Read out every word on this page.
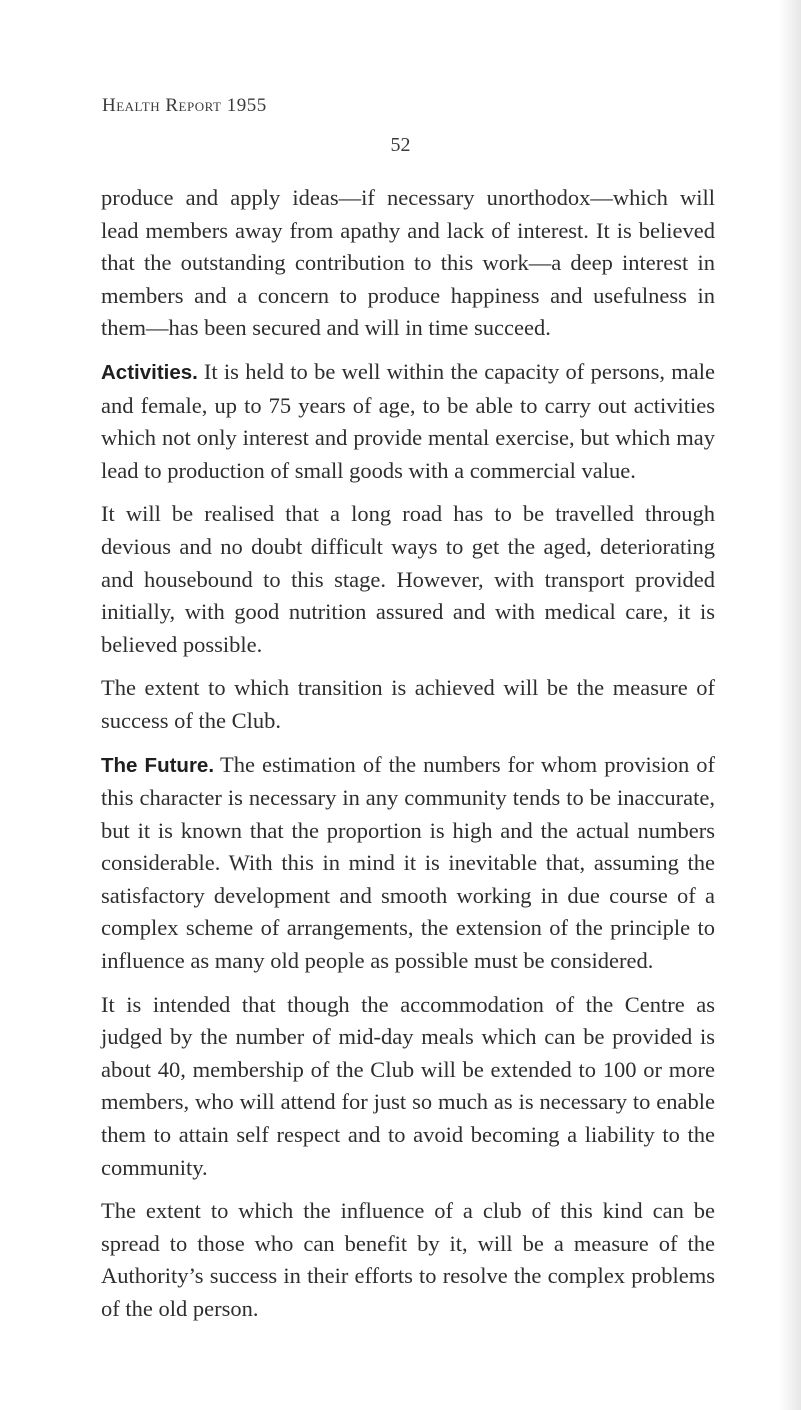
Health Report 1955

52

produce and apply ideas—if necessary unorthodox—which will lead members away from apathy and lack of interest. It is believed that the outstanding contribution to this work—a deep interest in members and a concern to produce happiness and usefulness in them—has been secured and will in time succeed.

Activities. It is held to be well within the capacity of persons, male and female, up to 75 years of age, to be able to carry out activities which not only interest and provide mental exercise, but which may lead to production of small goods with a commercial value.

It will be realised that a long road has to be travelled through devious and no doubt difficult ways to get the aged, deteriorating and housebound to this stage. However, with transport provided initially, with good nutrition assured and with medical care, it is believed possible.

The extent to which transition is achieved will be the measure of success of the Club.

The Future. The estimation of the numbers for whom provision of this character is necessary in any community tends to be inaccurate, but it is known that the proportion is high and the actual numbers considerable. With this in mind it is inevitable that, assuming the satisfactory development and smooth working in due course of a complex scheme of arrangements, the extension of the principle to influence as many old people as possible must be considered.

It is intended that though the accommodation of the Centre as judged by the number of mid-day meals which can be provided is about 40, membership of the Club will be extended to 100 or more members, who will attend for just so much as is necessary to enable them to attain self respect and to avoid becoming a liability to the community.

The extent to which the influence of a club of this kind can be spread to those who can benefit by it, will be a measure of the Authority’s success in their efforts to resolve the complex problems of the old person.
